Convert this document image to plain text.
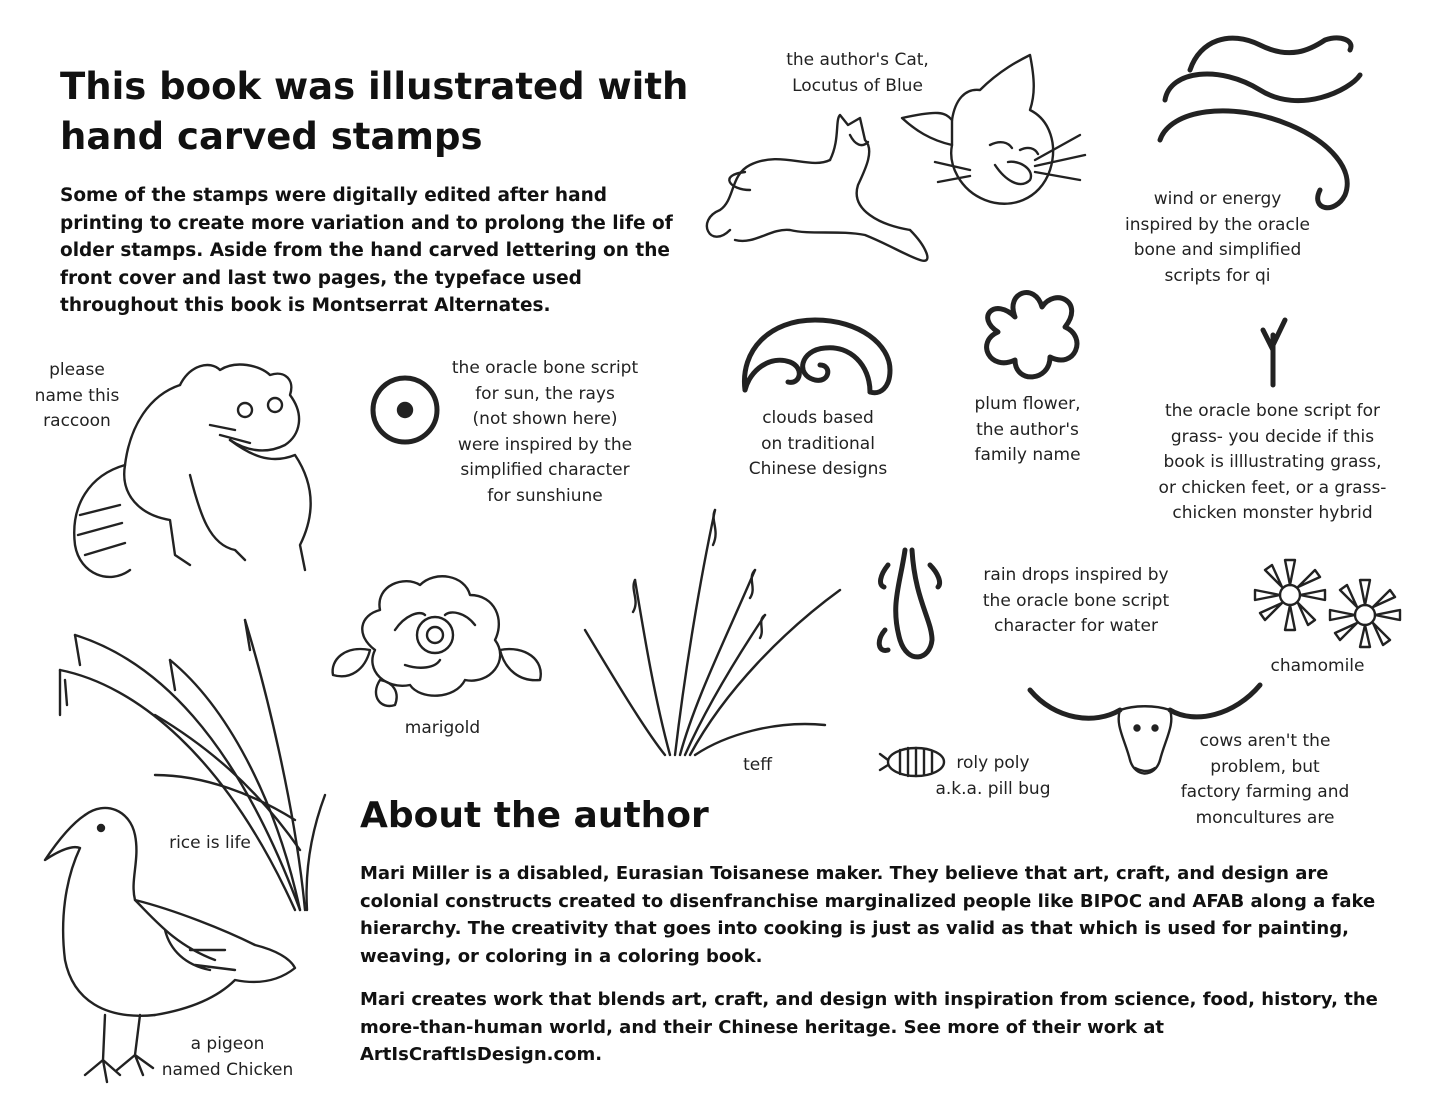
This book was illustrated with hand carved stamps

Some of the stamps were digitally edited after hand printing to create more variation and to prolong the life of older stamps. Aside from the hand carved lettering on the front cover and last two pages, the typeface used throughout this book is Montserrat Alternates.

About the author

Mari Miller is a disabled, Eurasian Toisanese maker. They believe that art, craft, and design are colonial constructs created to disenfranchise marginalized people like BIPOC and AFAB along a fake hierarchy. The creativity that goes into cooking is just as valid as that which is used for painting, weaving, or coloring in a coloring book.

Mari creates work that blends art, craft, and design with inspiration from science, food, history, the more-than-human world, and their Chinese heritage. See more of their work at ArtIsCraftIsDesign.com.

the author's Cat,
Locutus of Blue
wind or energy
inspired by the oracle
bone and simplified
scripts for qi
please
name this
raccoon
the oracle bone script
for sun, the rays
(not shown here)
were inspired by the
simplified character
for sunshiune
clouds based
on traditional
Chinese designs
plum flower,
the author's
family name
the oracle bone script for
grass- you decide if this
book is illlustrating grass,
or chicken feet, or a grass-
chicken monster hybrid
rain drops inspired by
the oracle bone script
character for water
chamomile
marigold
teff	roly poly
a.k.a. pill bug
cows aren't the
problem, but
factory farming and
moncultures are
rice is life
a pigeon
named Chicken
